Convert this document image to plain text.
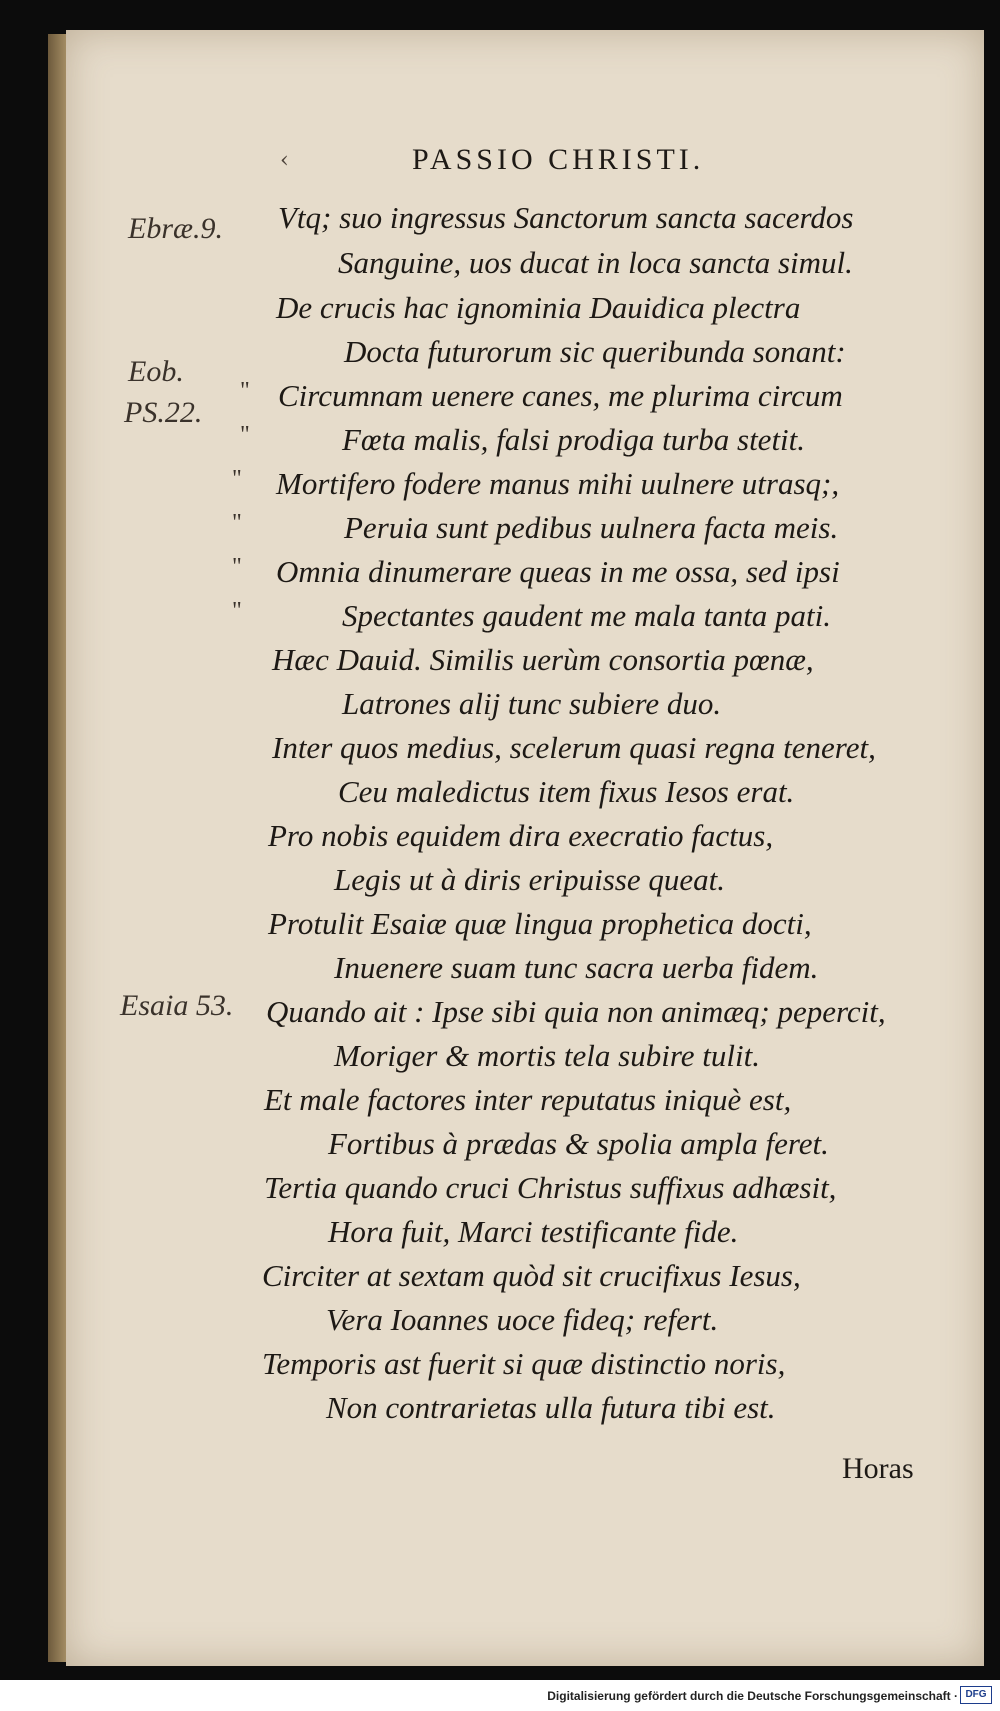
‹	PASSIO CHRISTI.
Ebræ.9.
Eob.
PS.22.
Esaia 53.
"
"
"
"
"
"
Vtq; suo ingressus Sanctorum sancta sacerdos
Sanguine, uos ducat in loca sancta simul.
De crucis hac ignominia Dauidica plectra
Docta futurorum sic queribunda sonant:
Circumnam uenere canes, me plurima circum
Fœta malis, falsi prodiga turba stetit.
Mortifero fodere manus mihi uulnere utrasq;,
Peruia sunt pedibus uulnera facta meis.
Omnia dinumerare queas in me ossa, sed ipsi
Spectantes gaudent me mala tanta pati.
Hæc Dauid. Similis uerùm consortia pœnæ,
Latrones alij tunc subiere duo.
Inter quos medius, scelerum quasi regna teneret,
Ceu maledictus item fixus Iesos erat.
Pro nobis equidem dira execratio factus,
Legis ut à diris eripuisse queat.
Protulit Esaiæ quæ lingua prophetica docti,
Inuenere suam tunc sacra uerba fidem.
Quando ait : Ipse sibi quia non animæq; pepercit,
Moriger & mortis tela subire tulit.
Et male factores inter reputatus iniquè est,
Fortibus à prædas & spolia ampla feret.
Tertia quando cruci Christus suffixus adhæsit,
Hora fuit, Marci testificante fide.
Circiter at sextam quòd sit crucifixus Iesus,
Vera Ioannes uoce fideq; refert.
Temporis ast fuerit si quæ distinctio noris,
Non contrarietas ulla futura tibi est.
Horas
Digitalisierung gefördert durch die Deutsche Forschungsgemeinschaft · DFG
